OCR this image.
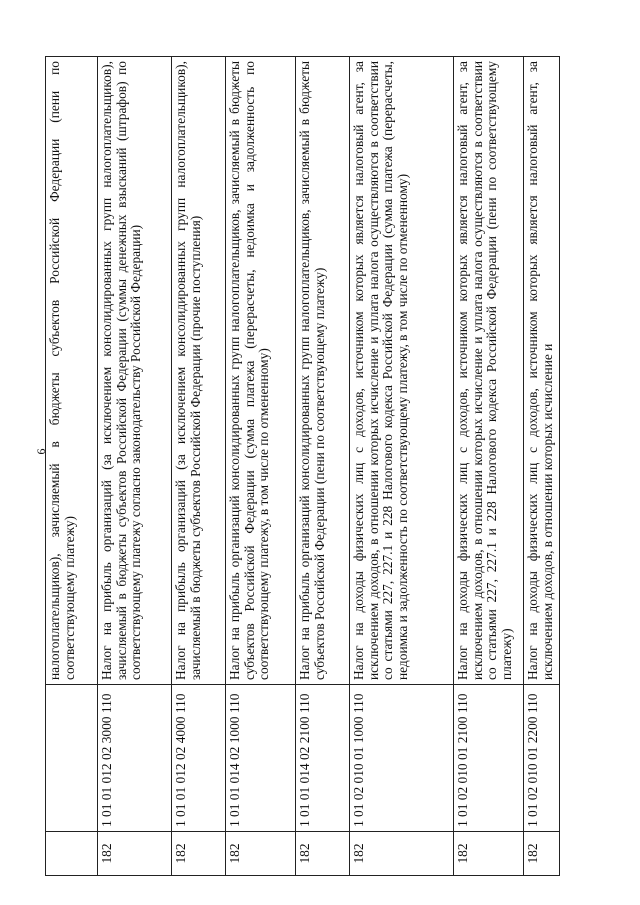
9
		налогоплательщиков), зачисляемый в бюджеты субъектов Российской Федерации (пени по соответствующему платежу)
182	1 01 01 012 02 3000 110	Налог на прибыль организаций (за исключением консолидированных групп налогоплательщиков), зачисляемый в бюджеты субъектов Российской Федерации (суммы денежных взысканий (штрафов) по соответствующему платежу согласно законодательству Российской Федерации)
182	1 01 01 012 02 4000 110	Налог на прибыль организаций (за исключением консолидированных групп налогоплательщиков), зачисляемый в бюджеты субъектов Российской Федерации (прочие поступления)
182	1 01 01 014 02 1000 110	Налог на прибыль организаций консолидированных групп налогоплательщиков, зачисляемый в бюджеты субъектов Российской Федерации (сумма платежа (перерасчеты, недоимка и задолженность по соответствующему платежу, в том числе по отмененному)
182	1 01 01 014 02 2100 110	Налог на прибыль организаций консолидированных групп налогоплательщиков, зачисляемый в бюджеты субъектов Российской Федерации (пени по соответствующему платежу)
182	1 01 02 010 01 1000 110	Налог на доходы физических лиц с доходов, источником которых является налоговый агент, за исключением доходов, в отношении которых исчисление и уплата налога осуществляются в соответствии со статьями 227, 227.1 и 228 Налогового кодекса Российской Федерации (сумма платежа (перерасчеты, недоимка и задолженность по соответствующему платежу, в том числе по отмененному)
182	1 01 02 010 01 2100 110	Налог на доходы физических лиц с доходов, источником которых является налоговый агент, за исключением доходов, в отношении которых исчисление и уплата налога осуществляются в соответствии со статьями 227, 227.1 и 228 Налогового кодекса Российской Федерации (пени по соответствующему платежу)
182	1 01 02 010 01 2200 110	Налог на доходы физических лиц с доходов, источником которых является налоговый агент, за исключением доходов, в отношении которых исчисление и
